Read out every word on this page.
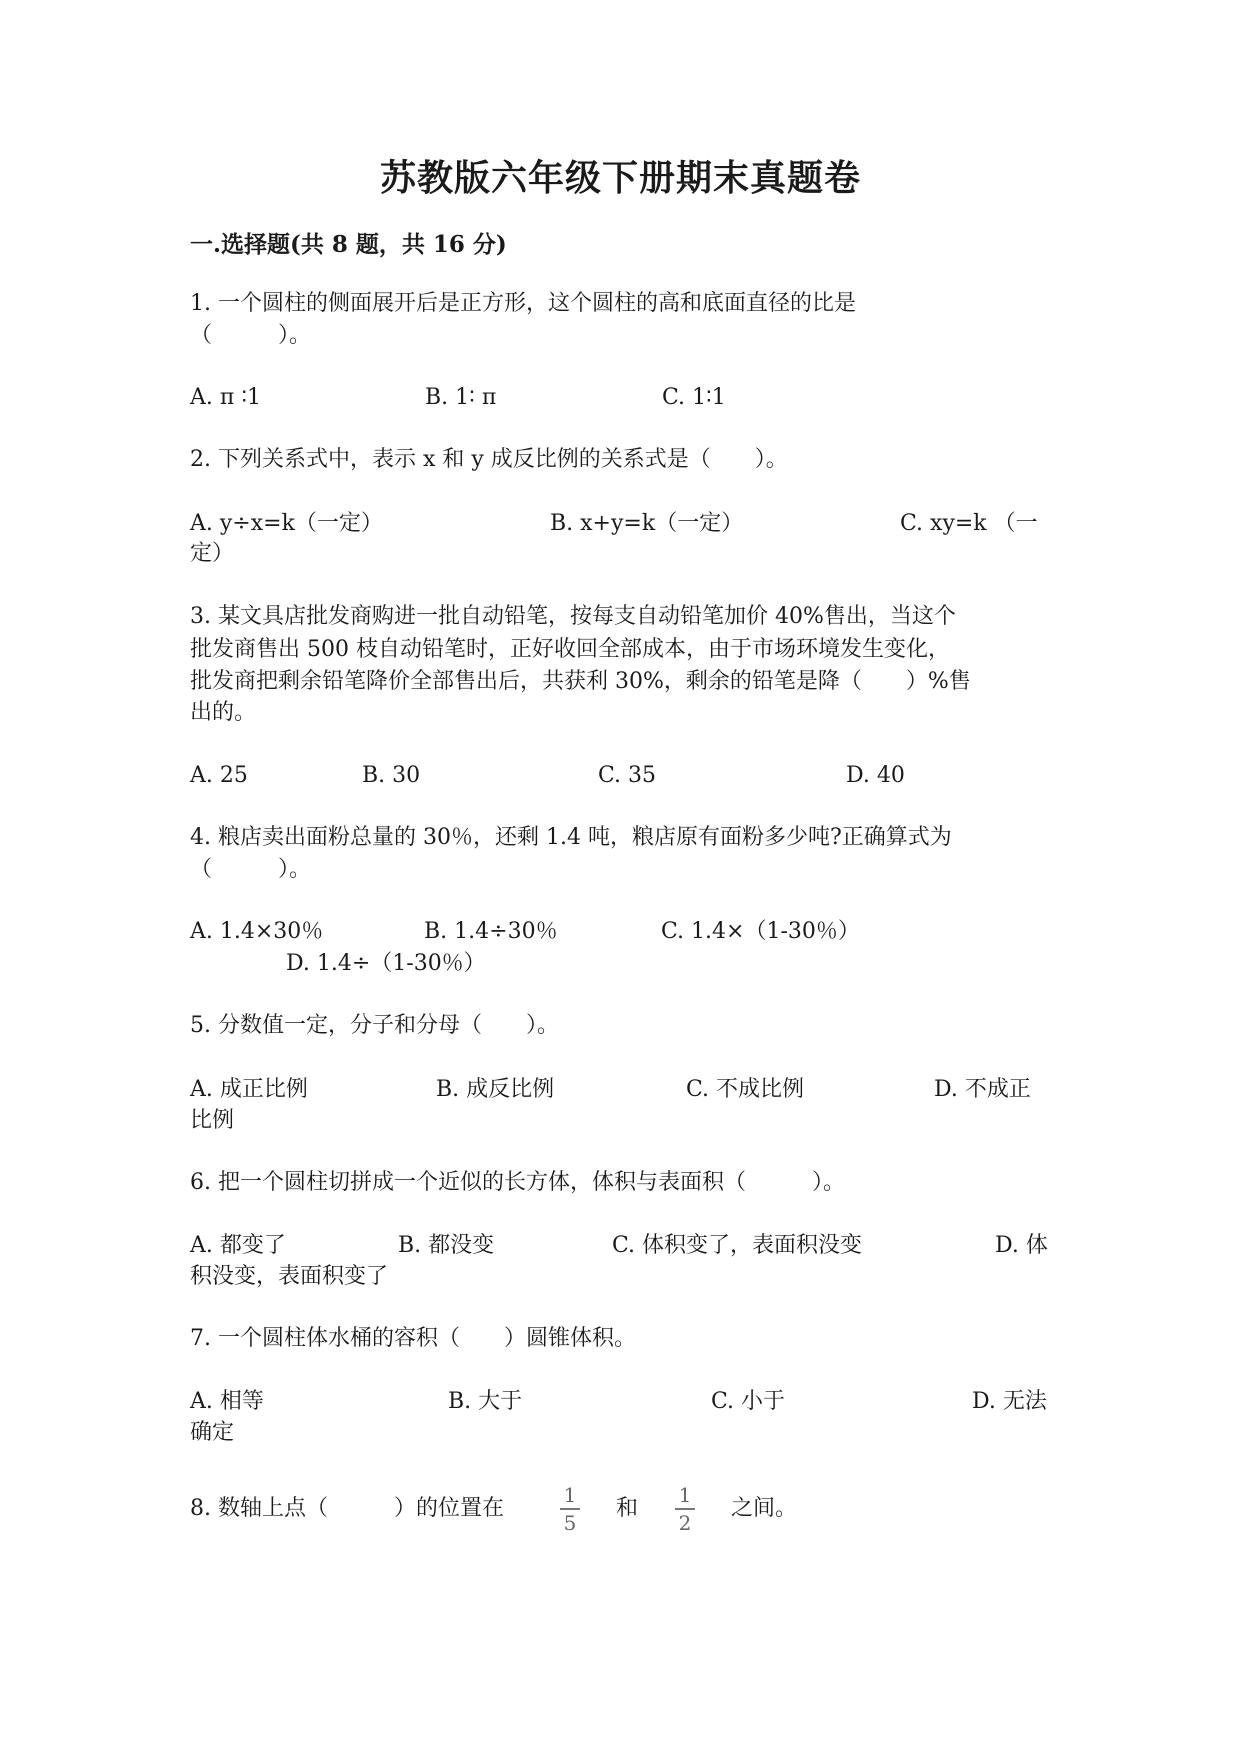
苏教版六年级下册期末真题卷
一.选择题(共 8 题，共 16 分)
1. 一个圆柱的侧面展开后是正方形，这个圆柱的高和底面直径的比是
（　　　）。
A. π ∶1	B. 1∶ π	C. 1∶1
2. 下列关系式中，表示 x 和 y 成反比例的关系式是（　　）。
A. y÷x=k（一定）	B. x+y=k（一定）	C. xy=k （一
定）
3. 某文具店批发商购进一批自动铅笔，按每支自动铅笔加价 40%售出，当这个
批发商售出 500 枝自动铅笔时，正好收回全部成本，由于市场环境发生变化，
批发商把剩余铅笔降价全部售出后，共获利 30%，剩余的铅笔是降（　　）%售
出的。
A. 25	B. 30	C. 35	D. 40
4. 粮店卖出面粉总量的 30％，还剩 1.4 吨，粮店原有面粉多少吨?正确算式为
（　　　）。
A. 1.4×30％	B. 1.4÷30％	C. 1.4×（1-30％）
D. 1.4÷（1-30％）
5. 分数值一定，分子和分母（　　）。
A. 成正比例	B. 成反比例	C. 不成比例	D. 不成正
比例
6. 把一个圆柱切拼成一个近似的长方体，体积与表面积（　　　）。
A. 都变了	B. 都没变	C. 体积变了，表面积没变	D. 体
积没变，表面积变了
7. 一个圆柱体水桶的容积（　　）圆锥体积。
A. 相等	B. 大于	C. 小于	D. 无法
确定
8. 数轴上点（　　　）的位置在
1
5
和
1
2
之间。
